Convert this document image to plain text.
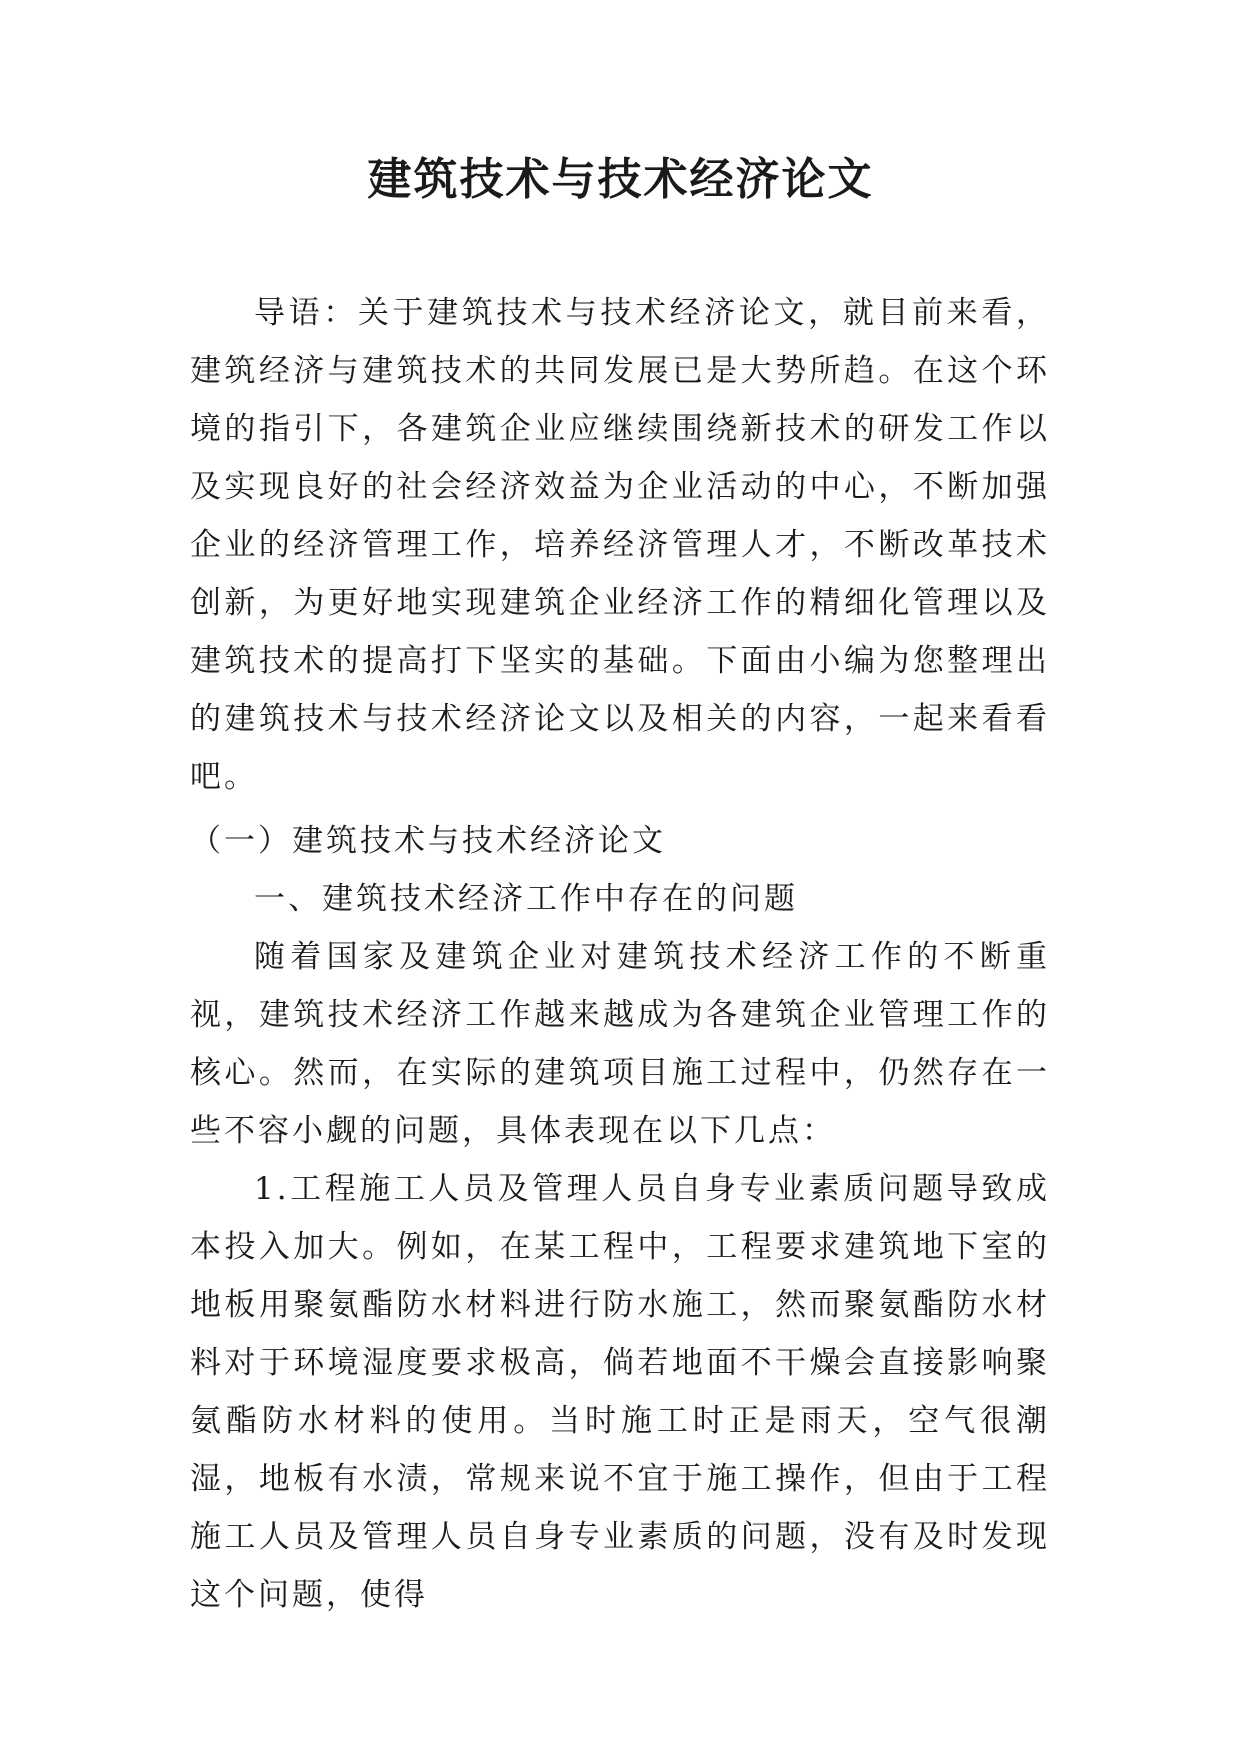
建筑技术与技术经济论文

导语：关于建筑技术与技术经济论文，就目前来看，建筑经济与建筑技术的共同发展已是大势所趋。在这个环境的指引下，各建筑企业应继续围绕新技术的研发工作以及实现良好的社会经济效益为企业活动的中心，不断加强企业的经济管理工作，培养经济管理人才，不断改革技术创新，为更好地实现建筑企业经济工作的精细化管理以及建筑技术的提高打下坚实的基础。下面由小编为您整理出的建筑技术与技术经济论文以及相关的内容，一起来看看吧。

（一）建筑技术与技术经济论文
一、建筑技术经济工作中存在的问题

随着国家及建筑企业对建筑技术经济工作的不断重视，建筑技术经济工作越来越成为各建筑企业管理工作的核心。然而，在实际的建筑项目施工过程中，仍然存在一些不容小觑的问题，具体表现在以下几点：

1.工程施工人员及管理人员自身专业素质问题导致成本投入加大。例如，在某工程中，工程要求建筑地下室的地板用聚氨酯防水材料进行防水施工，然而聚氨酯防水材料对于环境湿度要求极高，倘若地面不干燥会直接影响聚氨酯防水材料的使用。当时施工时正是雨天，空气很潮湿，地板有水渍，常规来说不宜于施工操作，但由于工程施工人员及管理人员自身专业素质的问题，没有及时发现这个问题，使得
